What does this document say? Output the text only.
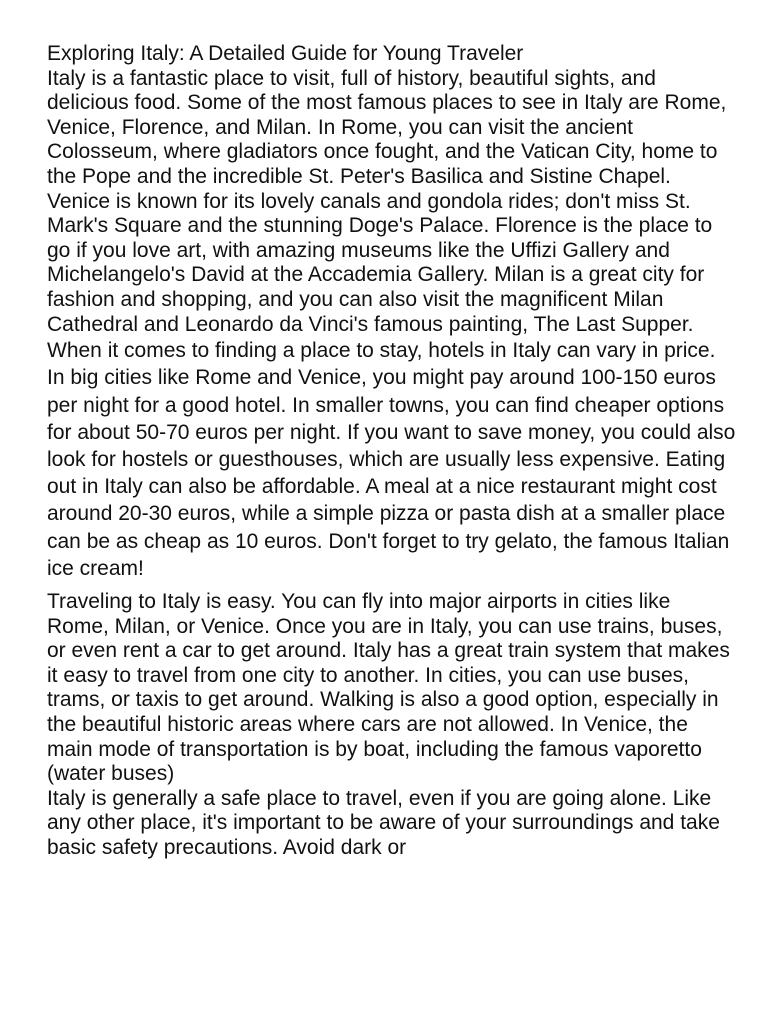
Exploring Italy: A Detailed Guide for Young Traveler

Italy is a fantastic place to visit, full of history, beautiful sights, and delicious food. Some of the most famous places to see in Italy are Rome, Venice, Florence, and Milan. In Rome, you can visit the ancient Colosseum, where gladiators once fought, and the Vatican City, home to the Pope and the incredible St. Peter's Basilica and Sistine Chapel. Venice is known for its lovely canals and gondola rides; don't miss St. Mark's Square and the stunning Doge's Palace. Florence is the place to go if you love art, with amazing museums like the Uffizi Gallery and Michelangelo's David at the Accademia Gallery. Milan is a great city for fashion and shopping, and you can also visit the magnificent Milan Cathedral and Leonardo da Vinci's famous painting, The Last Supper.

When it comes to finding a place to stay, hotels in Italy can vary in price. In big cities like Rome and Venice, you might pay around 100-150 euros per night for a good hotel. In smaller towns, you can find cheaper options for about 50-70 euros per night. If you want to save money, you could also look for hostels or guesthouses, which are usually less expensive. Eating out in Italy can also be affordable. A meal at a nice restaurant might cost around 20-30 euros, while a simple pizza or pasta dish at a smaller place can be as cheap as 10 euros. Don't forget to try gelato, the famous Italian ice cream!

Traveling to Italy is easy. You can fly into major airports in cities like Rome, Milan, or Venice. Once you are in Italy, you can use trains, buses, or even rent a car to get around. Italy has a great train system that makes it easy to travel from one city to another. In cities, you can use buses, trams, or taxis to get around. Walking is also a good option, especially in the beautiful historic areas where cars are not allowed. In Venice, the main mode of transportation is by boat, including the famous vaporetto (water buses)

Italy is generally a safe place to travel, even if you are going alone. Like any other place, it's important to be aware of your surroundings and take basic safety precautions. Avoid dark or
